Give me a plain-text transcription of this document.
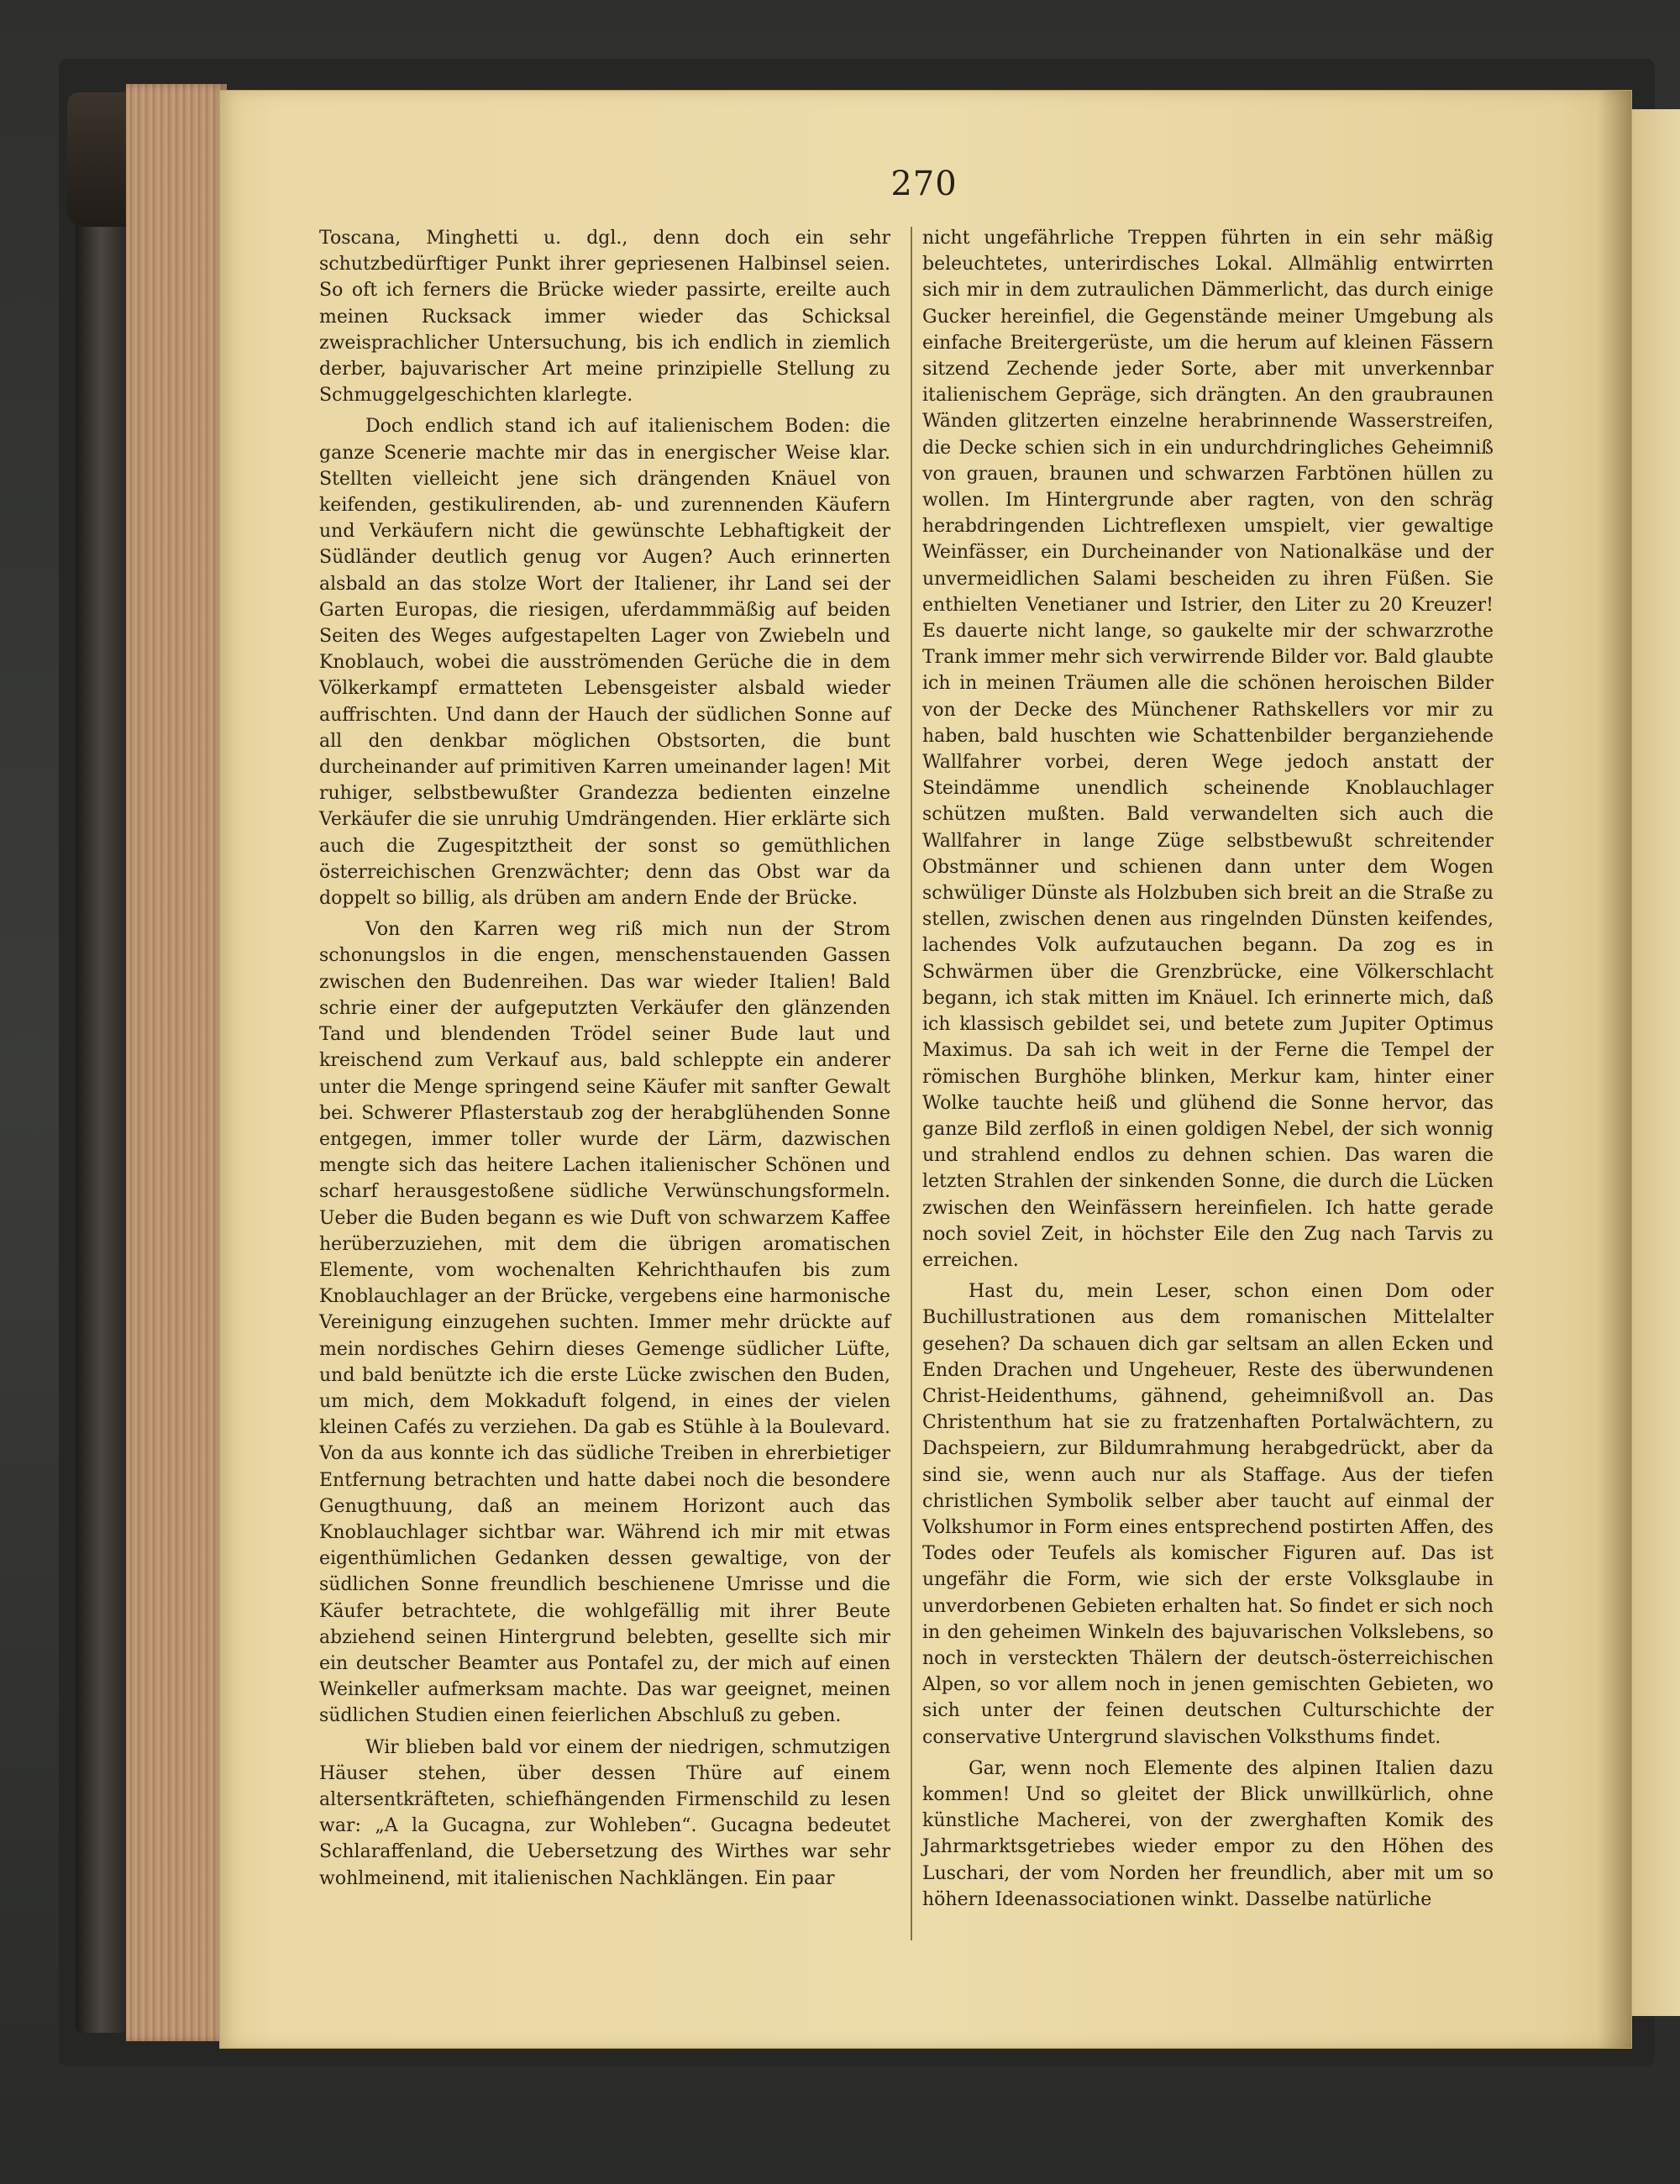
270

Toscana, Minghetti u. dgl., denn doch ein sehr schutzbedürftiger Punkt ihrer gepriesenen Halbinsel seien. So oft ich ferners die Brücke wieder passirte, ereilte auch meinen Rucksack immer wieder das Schicksal zweisprachlicher Untersuchung, bis ich endlich in ziemlich derber, bajuvarischer Art meine prinzipielle Stellung zu Schmuggelgeschichten klarlegte.

Doch endlich stand ich auf italienischem Boden: die ganze Scenerie machte mir das in energischer Weise klar. Stellten vielleicht jene sich drängenden Knäuel von keifenden, gestikulirenden, ab- und zurennenden Käufern und Verkäufern nicht die gewünschte Lebhaftigkeit der Südländer deutlich genug vor Augen? Auch erinnerten alsbald an das stolze Wort der Italiener, ihr Land sei der Garten Europas, die riesigen, uferdammmäßig auf beiden Seiten des Weges aufgestapelten Lager von Zwiebeln und Knoblauch, wobei die ausströmenden Gerüche die in dem Völkerkampf ermatteten Lebensgeister alsbald wieder auffrischten. Und dann der Hauch der südlichen Sonne auf all den denkbar möglichen Obstsorten, die bunt durcheinander auf primitiven Karren umeinander lagen! Mit ruhiger, selbstbewußter Grandezza bedienten einzelne Verkäufer die sie unruhig Umdrängenden. Hier erklärte sich auch die Zugespitztheit der sonst so gemüthlichen österreichischen Grenzwächter; denn das Obst war da doppelt so billig, als drüben am andern Ende der Brücke.

Von den Karren weg riß mich nun der Strom schonungslos in die engen, menschenstauenden Gassen zwischen den Budenreihen. Das war wieder Italien! Bald schrie einer der aufgeputzten Verkäufer den glänzenden Tand und blendenden Trödel seiner Bude laut und kreischend zum Verkauf aus, bald schleppte ein anderer unter die Menge springend seine Käufer mit sanfter Gewalt bei. Schwerer Pflasterstaub zog der herabglühenden Sonne entgegen, immer toller wurde der Lärm, dazwischen mengte sich das heitere Lachen italienischer Schönen und scharf herausgestoßene südliche Verwünschungsformeln. Ueber die Buden begann es wie Duft von schwarzem Kaffee herüberzuziehen, mit dem die übrigen aromatischen Elemente, vom wochenalten Kehrichthaufen bis zum Knoblauchlager an der Brücke, vergebens eine harmonische Vereinigung einzugehen suchten. Immer mehr drückte auf mein nordisches Gehirn dieses Gemenge südlicher Lüfte, und bald benützte ich die erste Lücke zwischen den Buden, um mich, dem Mokkaduft folgend, in eines der vielen kleinen Cafés zu verziehen. Da gab es Stühle à la Boulevard. Von da aus konnte ich das südliche Treiben in ehrerbietiger Entfernung betrachten und hatte dabei noch die besondere Genugthuung, daß an meinem Horizont auch das Knoblauchlager sichtbar war. Während ich mir mit etwas eigenthümlichen Gedanken dessen gewaltige, von der südlichen Sonne freundlich beschienene Umrisse und die Käufer betrachtete, die wohlgefällig mit ihrer Beute abziehend seinen Hintergrund belebten, gesellte sich mir ein deutscher Beamter aus Pontafel zu, der mich auf einen Weinkeller aufmerksam machte. Das war geeignet, meinen südlichen Studien einen feierlichen Abschluß zu geben.

Wir blieben bald vor einem der niedrigen, schmutzigen Häuser stehen, über dessen Thüre auf einem altersentkräfteten, schiefhängenden Firmenschild zu lesen war: „A la Gucagna, zur Wohleben“. Gucagna bedeutet Schlaraffenland, die Uebersetzung des Wirthes war sehr wohlmeinend, mit italienischen Nachklängen. Ein paar

nicht ungefährliche Treppen führten in ein sehr mäßig beleuchtetes, unterirdisches Lokal. Allmählig entwirrten sich mir in dem zutraulichen Dämmerlicht, das durch einige Gucker hereinfiel, die Gegenstände meiner Umgebung als einfache Breitergerüste, um die herum auf kleinen Fässern sitzend Zechende jeder Sorte, aber mit unverkennbar italienischem Gepräge, sich drängten. An den graubraunen Wänden glitzerten einzelne herabrinnende Wasserstreifen, die Decke schien sich in ein undurchdringliches Geheimniß von grauen, braunen und schwarzen Farbtönen hüllen zu wollen. Im Hintergrunde aber ragten, von den schräg herabdringenden Lichtreflexen umspielt, vier gewaltige Weinfässer, ein Durcheinander von Nationalkäse und der unvermeidlichen Salami bescheiden zu ihren Füßen. Sie enthielten Venetianer und Istrier, den Liter zu 20 Kreuzer! Es dauerte nicht lange, so gaukelte mir der schwarzrothe Trank immer mehr sich verwirrende Bilder vor. Bald glaubte ich in meinen Träumen alle die schönen heroischen Bilder von der Decke des Münchener Rathskellers vor mir zu haben, bald huschten wie Schattenbilder berganziehende Wallfahrer vorbei, deren Wege jedoch anstatt der Steindämme unendlich scheinende Knoblauchlager schützen mußten. Bald verwandelten sich auch die Wallfahrer in lange Züge selbstbewußt schreitender Obstmänner und schienen dann unter dem Wogen schwüliger Dünste als Holzbuben sich breit an die Straße zu stellen, zwischen denen aus ringelnden Dünsten keifendes, lachendes Volk aufzutauchen begann. Da zog es in Schwärmen über die Grenzbrücke, eine Völkerschlacht begann, ich stak mitten im Knäuel. Ich erinnerte mich, daß ich klassisch gebildet sei, und betete zum Jupiter Optimus Maximus. Da sah ich weit in der Ferne die Tempel der römischen Burghöhe blinken, Merkur kam, hinter einer Wolke tauchte heiß und glühend die Sonne hervor, das ganze Bild zerfloß in einen goldigen Nebel, der sich wonnig und strahlend endlos zu dehnen schien. Das waren die letzten Strahlen der sinkenden Sonne, die durch die Lücken zwischen den Weinfässern hereinfielen. Ich hatte gerade noch soviel Zeit, in höchster Eile den Zug nach Tarvis zu erreichen.

Hast du, mein Leser, schon einen Dom oder Buchillustrationen aus dem romanischen Mittelalter gesehen? Da schauen dich gar seltsam an allen Ecken und Enden Drachen und Ungeheuer, Reste des überwundenen Christ-Heidenthums, gähnend, geheimnißvoll an. Das Christenthum hat sie zu fratzenhaften Portalwächtern, zu Dachspeiern, zur Bildumrahmung herabgedrückt, aber da sind sie, wenn auch nur als Staffage. Aus der tiefen christlichen Symbolik selber aber taucht auf einmal der Volkshumor in Form eines entsprechend postirten Affen, des Todes oder Teufels als komischer Figuren auf. Das ist ungefähr die Form, wie sich der erste Volksglaube in unverdorbenen Gebieten erhalten hat. So findet er sich noch in den geheimen Winkeln des bajuvarischen Volkslebens, so noch in versteckten Thälern der deutsch-österreichischen Alpen, so vor allem noch in jenen gemischten Gebieten, wo sich unter der feinen deutschen Culturschichte der conservative Untergrund slavischen Volksthums findet.

Gar, wenn noch Elemente des alpinen Italien dazu kommen! Und so gleitet der Blick unwillkürlich, ohne künstliche Macherei, von der zwerghaften Komik des Jahrmarktsgetriebes wieder empor zu den Höhen des Luschari, der vom Norden her freundlich, aber mit um so höhern Ideenassociationen winkt. Dasselbe natürliche
